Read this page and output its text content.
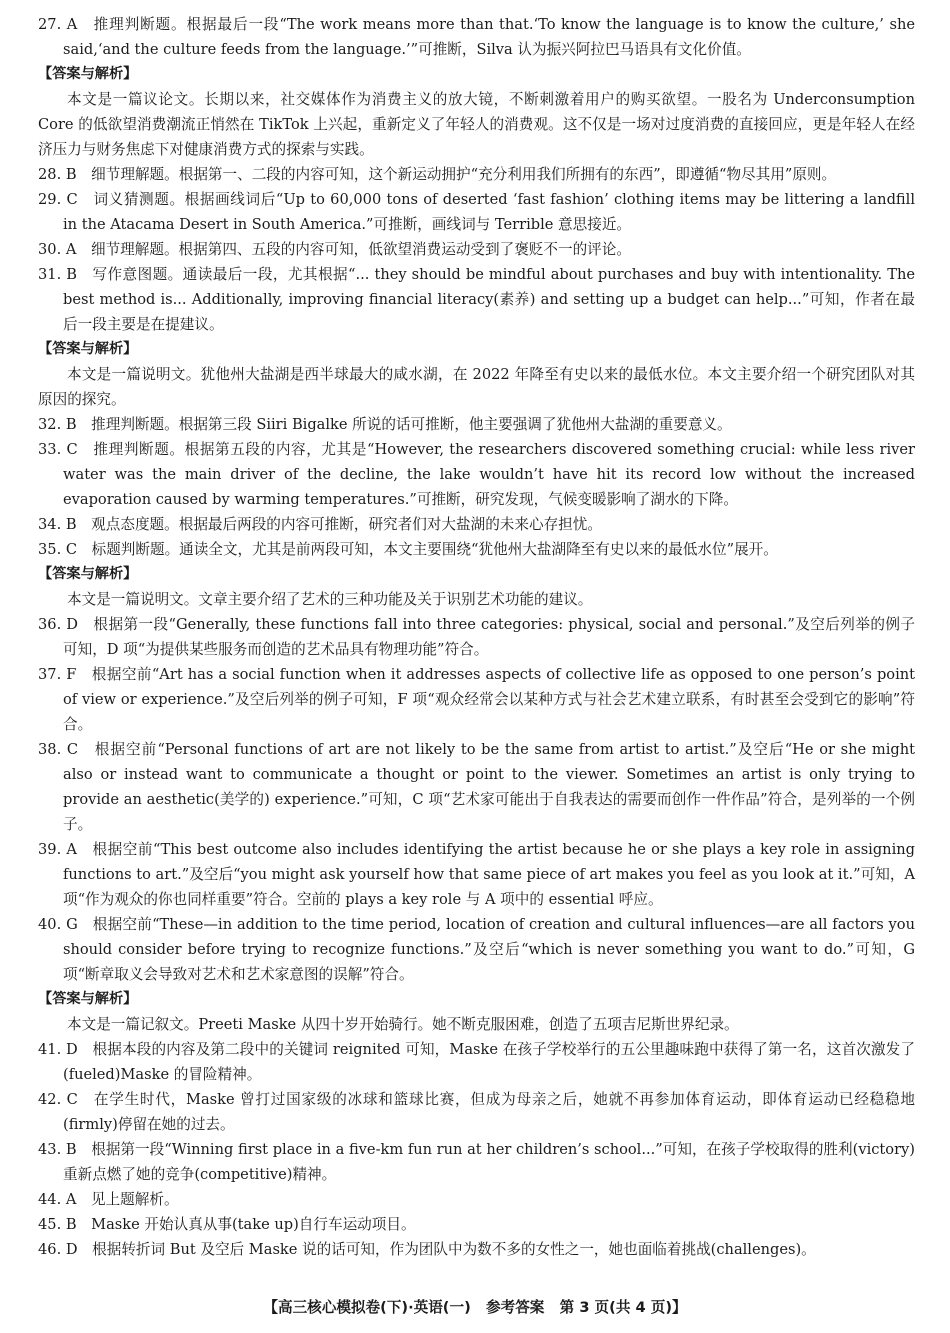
27. A　推理判断题。根据最后一段“The work means more than that.‘To know the language is to know the culture,’ she said,‘and the culture feeds from the language.’”可推断，Silva 认为振兴阿拉巴马语具有文化价值。
【答案与解析】
本文是一篇议论文。长期以来，社交媒体作为消费主义的放大镜，不断刺激着用户的购买欲望。一股名为 Underconsumption Core 的低欲望消费潮流正悄然在 TikTok 上兴起，重新定义了年轻人的消费观。这不仅是一场对过度消费的直接回应，更是年轻人在经济压力与财务焦虑下对健康消费方式的探索与实践。
28. B　细节理解题。根据第一、二段的内容可知，这个新运动拥护“充分利用我们所拥有的东西”，即遵循“物尽其用”原则。
29. C　词义猜测题。根据画线词后“Up to 60,000 tons of deserted ‘fast fashion’ clothing items may be littering a landfill in the Atacama Desert in South America.”可推断，画线词与 Terrible 意思接近。
30. A　细节理解题。根据第四、五段的内容可知，低欲望消费运动受到了褒贬不一的评论。
31. B　写作意图题。通读最后一段，尤其根据“... they should be mindful about purchases and buy with intentionality. The best method is... Additionally, improving financial literacy(素养) and setting up a budget can help...”可知，作者在最后一段主要是在提建议。
【答案与解析】
本文是一篇说明文。犹他州大盐湖是西半球最大的咸水湖，在 2022 年降至有史以来的最低水位。本文主要介绍一个研究团队对其原因的探究。
32. B　推理判断题。根据第三段 Siiri Bigalke 所说的话可推断，他主要强调了犹他州大盐湖的重要意义。
33. C　推理判断题。根据第五段的内容，尤其是“However, the researchers discovered something crucial: while less river water was the main driver of the decline, the lake wouldn’t have hit its record low without the increased evaporation caused by warming temperatures.”可推断，研究发现，气候变暖影响了湖水的下降。
34. B　观点态度题。根据最后两段的内容可推断，研究者们对大盐湖的未来心存担忧。
35. C　标题判断题。通读全文，尤其是前两段可知，本文主要围绕“犹他州大盐湖降至有史以来的最低水位”展开。
【答案与解析】
本文是一篇说明文。文章主要介绍了艺术的三种功能及关于识别艺术功能的建议。
36. D　根据第一段“Generally, these functions fall into three categories: physical, social and personal.”及空后列举的例子可知，D 项“为提供某些服务而创造的艺术品具有物理功能”符合。
37. F　根据空前“Art has a social function when it addresses aspects of collective life as opposed to one person’s point of view or experience.”及空后列举的例子可知，F 项“观众经常会以某种方式与社会艺术建立联系，有时甚至会受到它的影响”符合。
38. C　根据空前“Personal functions of art are not likely to be the same from artist to artist.”及空后“He or she might also or instead want to communicate a thought or point to the viewer. Sometimes an artist is only trying to provide an aesthetic(美学的) experience.”可知，C 项“艺术家可能出于自我表达的需要而创作一件作品”符合，是列举的一个例子。
39. A　根据空前“This best outcome also includes identifying the artist because he or she plays a key role in assigning functions to art.”及空后“you might ask yourself how that same piece of art makes you feel as you look at it.”可知，A 项“作为观众的你也同样重要”符合。空前的 plays a key role 与 A 项中的 essential 呼应。
40. G　根据空前“These—in addition to the time period, location of creation and cultural influences—are all factors you should consider before trying to recognize functions.”及空后“which is never something you want to do.”可知，G 项“断章取义会导致对艺术和艺术家意图的误解”符合。
【答案与解析】
本文是一篇记叙文。Preeti Maske 从四十岁开始骑行。她不断克服困难，创造了五项吉尼斯世界纪录。
41. D　根据本段的内容及第二段中的关键词 reignited 可知，Maske 在孩子学校举行的五公里趣味跑中获得了第一名，这首次激发了(fueled)Maske 的冒险精神。
42. C　在学生时代，Maske 曾打过国家级的冰球和篮球比赛，但成为母亲之后，她就不再参加体育运动，即体育运动已经稳稳地(firmly)停留在她的过去。
43. B　根据第一段“Winning first place in a five-km fun run at her children’s school...”可知，在孩子学校取得的胜利(victory)重新点燃了她的竞争(competitive)精神。
44. A　见上题解析。
45. B　Maske 开始认真从事(take up)自行车运动项目。
46. D　根据转折词 But 及空后 Maske 说的话可知，作为团队中为数不多的女性之一，她也面临着挑战(challenges)。
【高三核心模拟卷(下)·英语(一) 参考答案 第 3 页(共 4 页)】
